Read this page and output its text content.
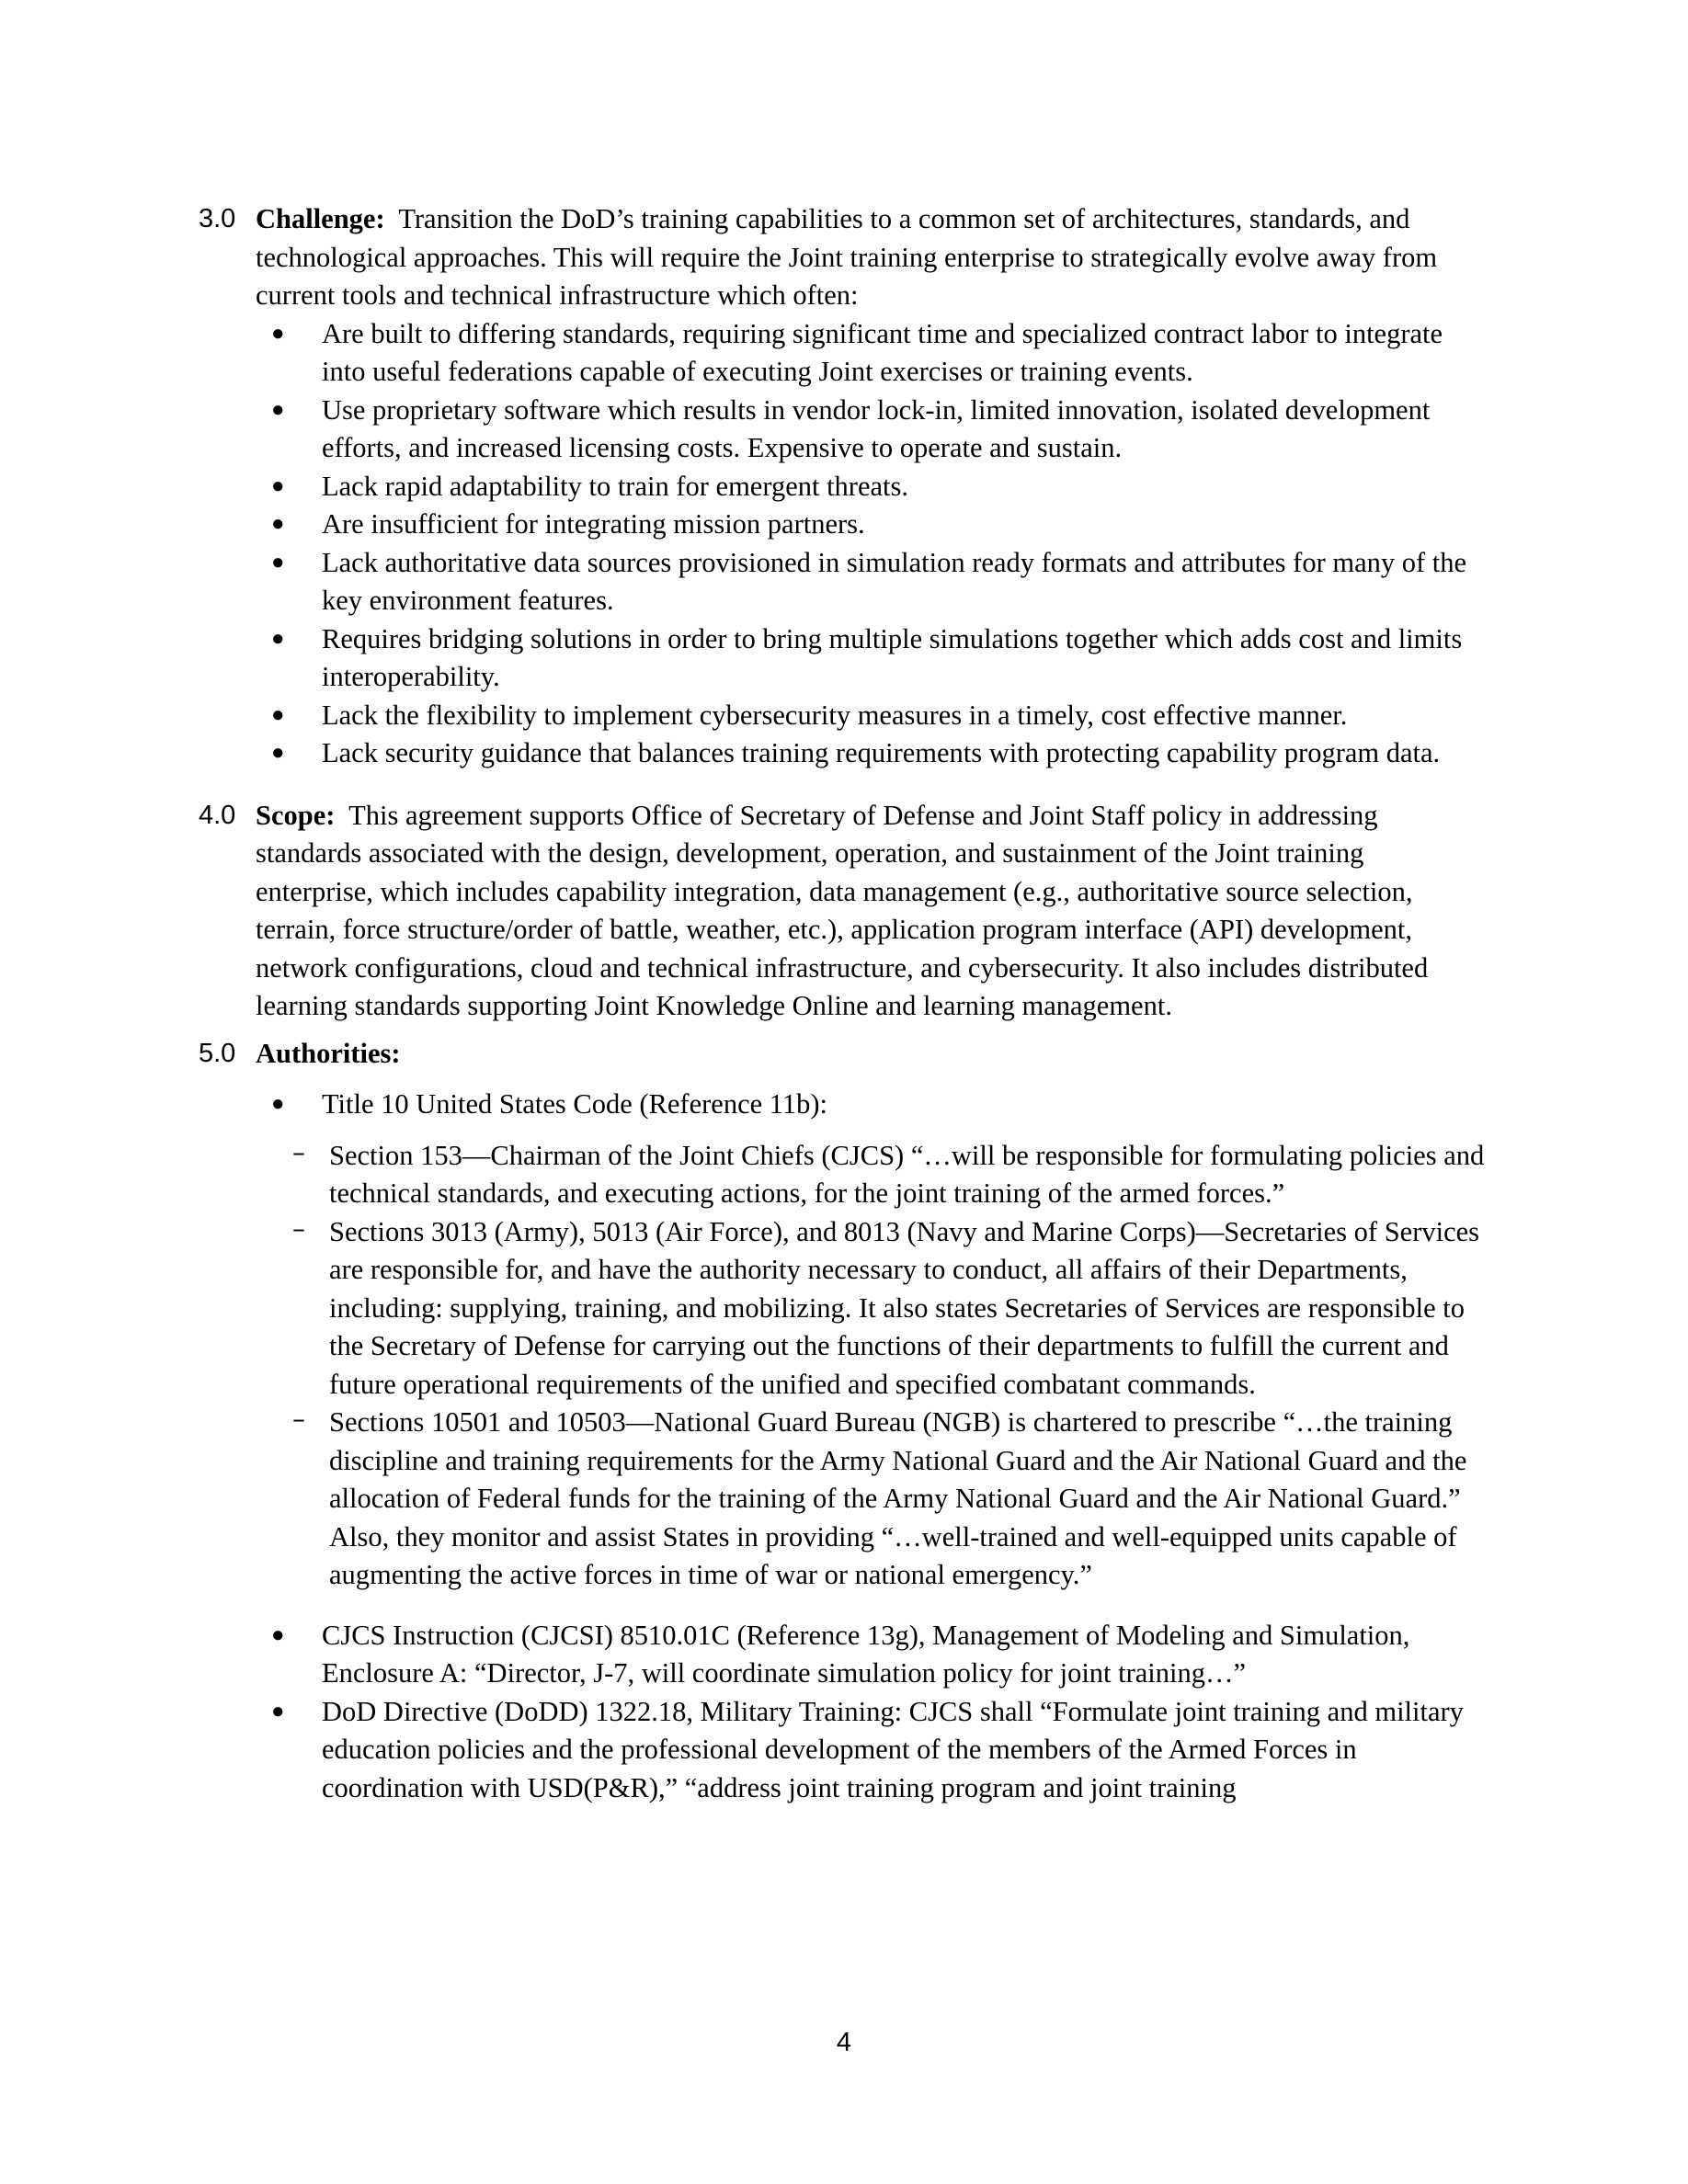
3.0 Challenge: Transition the DoD’s training capabilities to a common set of architectures, standards, and technological approaches. This will require the Joint training enterprise to strategically evolve away from current tools and technical infrastructure which often:

● Are built to differing standards, requiring significant time and specialized contract labor to integrate into useful federations capable of executing Joint exercises or training events.
● Use proprietary software which results in vendor lock-in, limited innovation, isolated development efforts, and increased licensing costs. Expensive to operate and sustain.
● Lack rapid adaptability to train for emergent threats.
● Are insufficient for integrating mission partners.
● Lack authoritative data sources provisioned in simulation ready formats and attributes for many of the key environment features.
● Requires bridging solutions in order to bring multiple simulations together which adds cost and limits interoperability.
● Lack the flexibility to implement cybersecurity measures in a timely, cost effective manner.
● Lack security guidance that balances training requirements with protecting capability program data.
4.0 Scope: This agreement supports Office of Secretary of Defense and Joint Staff policy in addressing standards associated with the design, development, operation, and sustainment of the Joint training enterprise, which includes capability integration, data management (e.g., authoritative source selection, terrain, force structure/order of battle, weather, etc.), application program interface (API) development, network configurations, cloud and technical infrastructure, and cybersecurity. It also includes distributed learning standards supporting Joint Knowledge Online and learning management.

5.0 Authorities:

● Title 10 United States Code (Reference 11b):
– Section 153—Chairman of the Joint Chiefs (CJCS) “…will be responsible for formulating policies and technical standards, and executing actions, for the joint training of the armed forces.”
– Sections 3013 (Army), 5013 (Air Force), and 8013 (Navy and Marine Corps)—Secretaries of Services are responsible for, and have the authority necessary to conduct, all affairs of their Departments, including: supplying, training, and mobilizing. It also states Secretaries of Services are responsible to the Secretary of Defense for carrying out the functions of their departments to fulfill the current and future operational requirements of the unified and specified combatant commands.
– Sections 10501 and 10503—National Guard Bureau (NGB) is chartered to prescribe “…the training discipline and training requirements for the Army National Guard and the Air National Guard and the allocation of Federal funds for the training of the Army National Guard and the Air National Guard.” Also, they monitor and assist States in providing “…well-trained and well-equipped units capable of augmenting the active forces in time of war or national emergency.”
● CJCS Instruction (CJCSI) 8510.01C (Reference 13g), Management of Modeling and Simulation, Enclosure A: “Director, J-7, will coordinate simulation policy for joint training…”
● DoD Directive (DoDD) 1322.18, Military Training: CJCS shall “Formulate joint training and military education policies and the professional development of the members of the Armed Forces in coordination with USD(P&R),” “address joint training program and joint training
4
